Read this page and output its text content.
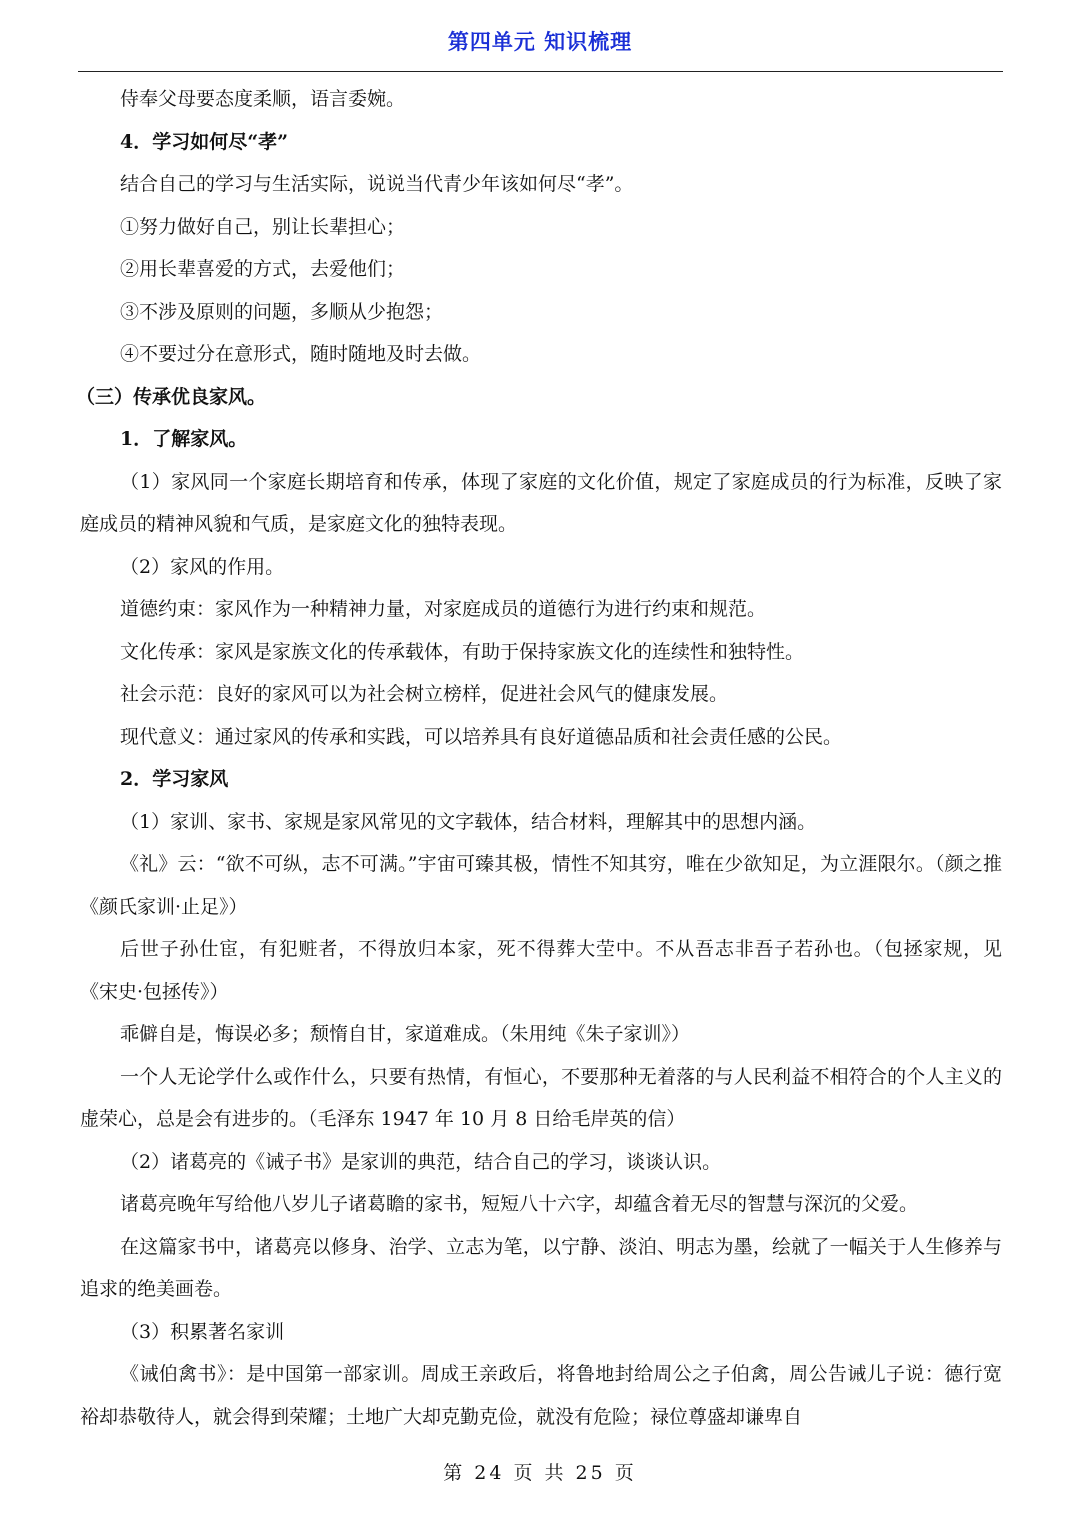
第四单元 知识梳理

侍奉父母要态度柔顺，语言委婉。

4．学习如何尽“孝”

结合自己的学习与生活实际，说说当代青少年该如何尽“孝”。

①努力做好自己，别让长辈担心；

②用长辈喜爱的方式，去爱他们；

③不涉及原则的问题，多顺从少抱怨；

④不要过分在意形式，随时随地及时去做。

（三）传承优良家风。

1．了解家风。

（1）家风同一个家庭长期培育和传承，体现了家庭的文化价值，规定了家庭成员的行为标准，反映了家庭成员的精神风貌和气质，是家庭文化的独特表现。

（2）家风的作用。

道德约束：家风作为一种精神力量，对家庭成员的道德行为进行约束和规范。

文化传承：家风是家族文化的传承载体，有助于保持家族文化的连续性和独特性。

社会示范：良好的家风可以为社会树立榜样，促进社会风气的健康发展。

现代意义：通过家风的传承和实践，可以培养具有良好道德品质和社会责任感的公民。

2．学习家风

（1）家训、家书、家规是家风常见的文字载体，结合材料，理解其中的思想内涵。

《礼》云：“欲不可纵，志不可满。”宇宙可臻其极，情性不知其穷，唯在少欲知足，为立涯限尔。（颜之推《颜氏家训·止足》）

后世子孙仕宦，有犯赃者，不得放归本家，死不得葬大茔中。不从吾志非吾子若孙也。（包拯家规，见《宋史·包拯传》）

乖僻自是，悔误必多；颓惰自甘，家道难成。（朱用纯《朱子家训》）

一个人无论学什么或作什么，只要有热情，有恒心，不要那种无着落的与人民利益不相符合的个人主义的虚荣心，总是会有进步的。（毛泽东 1947 年 10 月 8 日给毛岸英的信）

（2）诸葛亮的《诫子书》是家训的典范，结合自己的学习，谈谈认识。

诸葛亮晚年写给他八岁儿子诸葛瞻的家书，短短八十六字，却蕴含着无尽的智慧与深沉的父爱。

在这篇家书中，诸葛亮以修身、治学、立志为笔，以宁静、淡泊、明志为墨，绘就了一幅关于人生修养与追求的绝美画卷。

（3）积累著名家训

《诫伯禽书》：是中国第一部家训。周成王亲政后，将鲁地封给周公之子伯禽，周公告诫儿子说：德行宽裕却恭敬待人，就会得到荣耀；土地广大却克勤克俭，就没有危险；禄位尊盛却谦卑自

第 24 页 共 25 页
